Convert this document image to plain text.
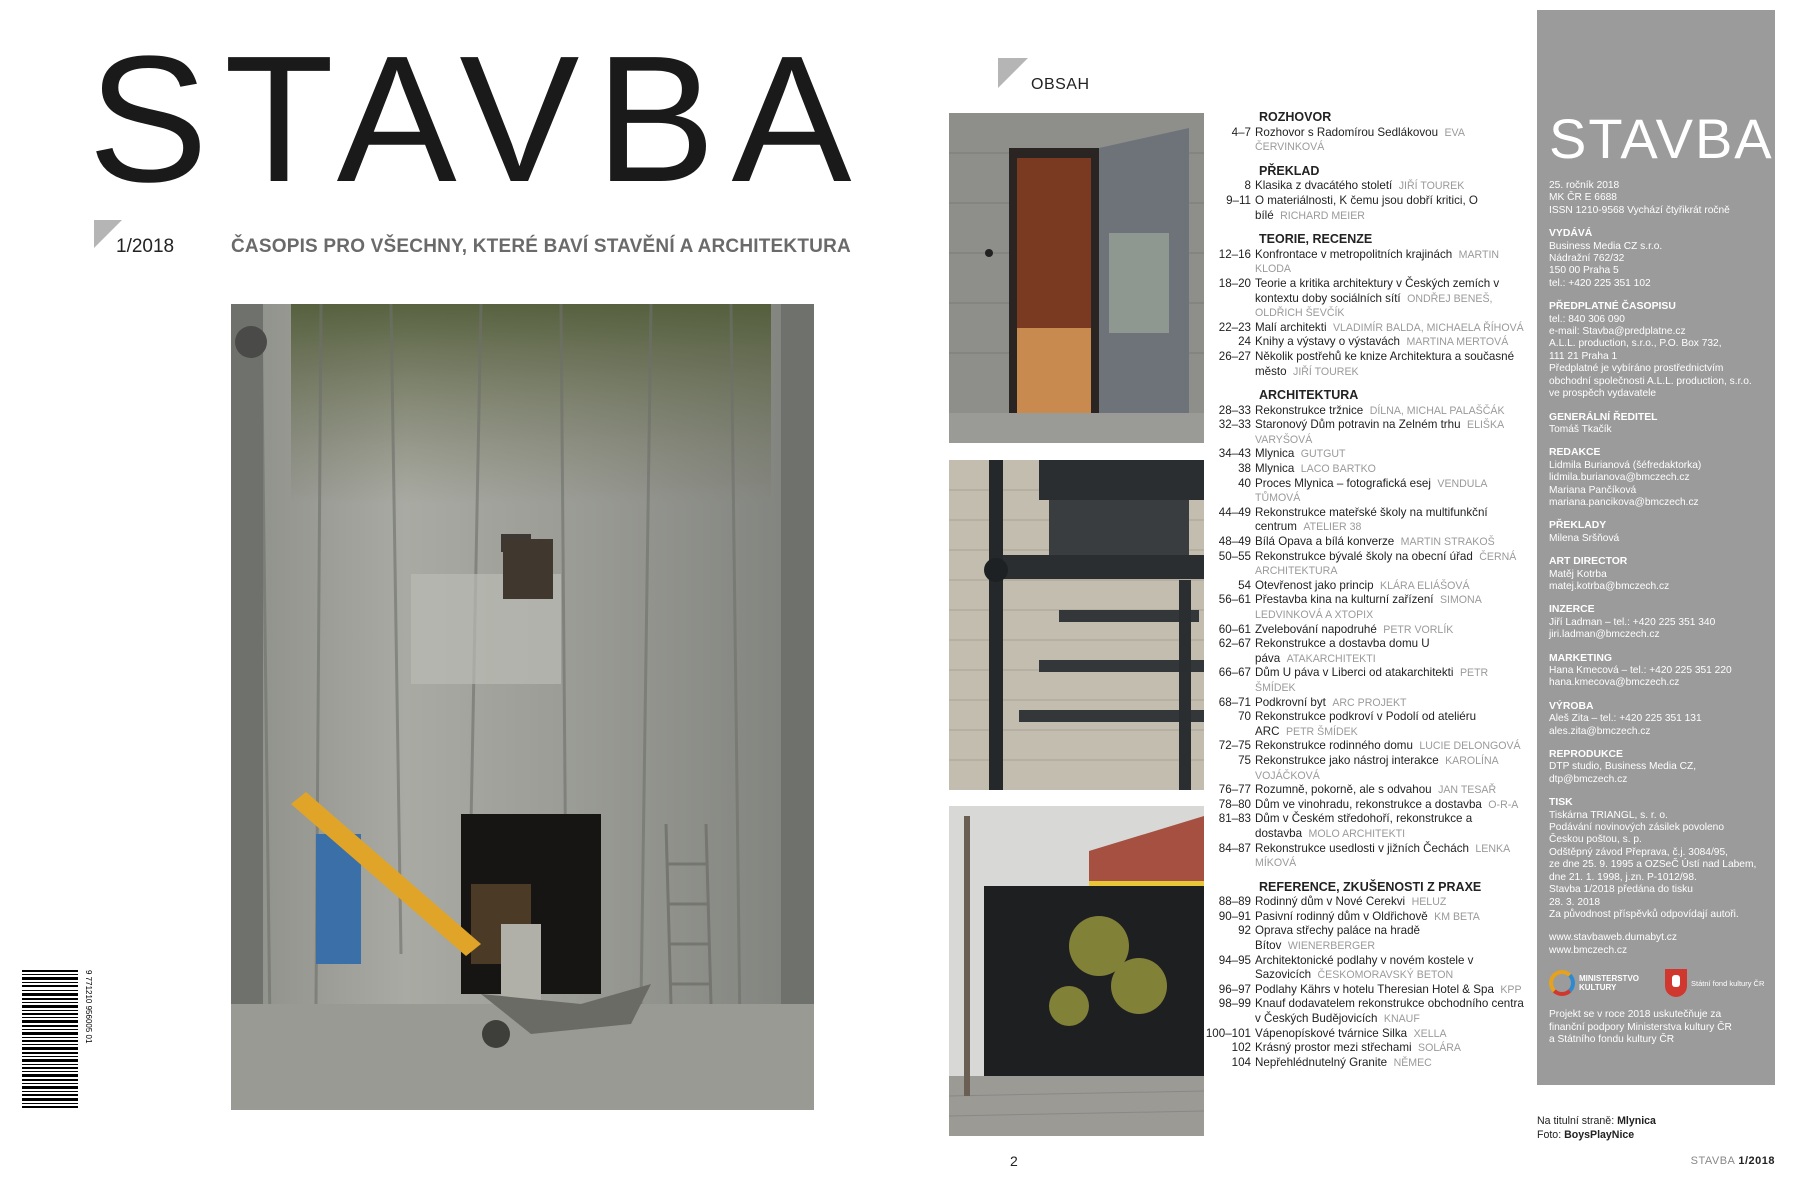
STAVBA
1/2018	ČASOPIS PRO VŠECHNY, KTERÉ BAVÍ STAVĚNÍ A ARCHITEKTURA
9 771210 956005 01
OBSAH
2
ROZHOVOR
4–7 Rozhovor s Radomírou Sedlákovou EVA ČERVINKOVÁ
PŘEKLAD
8 Klasika z dvacátého století JIŘÍ TOUREK
9–11 O materiálnosti, K čemu jsou dobří kritici, O bílé RICHARD MEIER
TEORIE, RECENZE
12–16 Konfrontace v metropolitních krajinách MARTIN KLODA
18–20 Teorie a kritika architektury v Českých zemích v kontextu doby sociálních sítí ONDŘEJ BENEŠ, OLDŘICH ŠEVČÍK
22–23 Malí architekti VLADIMÍR BALDA, MICHAELA ŘÍHOVÁ
24 Knihy a výstavy o výstavách MARTINA MERTOVÁ
26–27 Několik postřehů ke knize Architektura a současné město JIŘÍ TOUREK
ARCHITEKTURA
28–33 Rekonstrukce tržnice DÍLNA, MICHAL PALAŠČÁK
32–33 Staronový Dům potravin na Zelném trhu ELIŠKA VARYŠOVÁ
34–43 Mlynica GUTGUT
38 Mlynica LACO BARTKO
40 Proces Mlynica – fotografická esej VENDULA TŮMOVÁ
44–49 Rekonstrukce mateřské školy na multifunkční centrum ATELIER 38
48–49 Bílá Opava a bílá konverze MARTIN STRAKOŠ
50–55 Rekonstrukce bývalé školy na obecní úřad ČERNÁ ARCHITEKTURA
54 Otevřenost jako princip KLÁRA ELIÁŠOVÁ
56–61 Přestavba kina na kulturní zařízení SIMONA LEDVINKOVÁ A XTOPIX
60–61 Zvelebování napodruhé PETR VORLÍK
62–67 Rekonstrukce a dostavba domu U páva ATAKARCHITEKTI
66–67 Dům U páva v Liberci od atakarchitekti PETR ŠMÍDEK
68–71 Podkrovní byt ARC PROJEKT
70 Rekonstrukce podkroví v Podolí od ateliéru ARC PETR ŠMÍDEK
72–75 Rekonstrukce rodinného domu LUCIE DELONGOVÁ
75 Rekonstrukce jako nástroj interakce KAROLÍNA VOJÁČKOVÁ
76–77 Rozumně, pokorně, ale s odvahou JAN TESAŘ
78–80 Dům ve vinohradu, rekonstrukce a dostavba O-R-A
81–83 Dům v Českém středohoří, rekonstrukce a dostavba MOLO ARCHITEKTI
84–87 Rekonstrukce usedlosti v jižních Čechách LENKA MÍKOVÁ
REFERENCE, ZKUŠENOSTI Z PRAXE
88–89 Rodinný dům v Nové Cerekvi HELUZ
90–91 Pasivní rodinný dům v Oldřichově KM BETA
92 Oprava střechy paláce na hradě Bítov WIENERBERGER
94–95 Architektonické podlahy v novém kostele v Sazovicích ČESKOMORAVSKÝ BETON
96–97 Podlahy Kährs v hotelu Theresian Hotel & Spa KPP
98–99 Knauf dodavatelem rekonstrukce obchodního centra v Českých Budějovicích KNAUF
100–101 Vápenopískové tvárnice Silka XELLA
102 Krásný prostor mezi střechami SOLÁRA
104 Nepřehlédnutelný Granite NĚMEC
STAVBA
25. ročník 2018
MK ČR E 6688
ISSN 1210-9568 Vychází čtyřikrát ročně
VYDÁVÁ
Business Media CZ s.r.o.
Nádražní 762/32
150 00 Praha 5
tel.: +420 225 351 102
PŘEDPLATNÉ ČASOPISU
tel.: 840 306 090
e-mail: Stavba@predplatne.cz
A.L.L. production, s.r.o., P.O. Box 732,
111 21 Praha 1
Předplatné je vybíráno prostřednictvím
obchodní společnosti A.L.L. production, s.r.o.
ve prospěch vydavatele
GENERÁLNÍ ŘEDITEL
Tomáš Tkačík
REDAKCE
Lidmila Burianová (šéfredaktorka)
lidmila.burianova@bmczech.cz
Mariana Pančíková
mariana.pancikova@bmczech.cz
PŘEKLADY
Milena Sršňová
ART DIRECTOR
Matěj Kotrba
matej.kotrba@bmczech.cz
INZERCE
Jiří Ladman – tel.: +420 225 351 340
jiri.ladman@bmczech.cz
MARKETING
Hana Kmecová – tel.: +420 225 351 220
hana.kmecova@bmczech.cz
VÝROBA
Aleš Zita – tel.: +420 225 351 131
ales.zita@bmczech.cz
REPRODUKCE
DTP studio, Business Media CZ,
dtp@bmczech.cz
TISK
Tiskárna TRIANGL, s. r. o.
Podávání novinových zásilek povoleno
Českou poštou, s. p.
Odštěpný závod Přeprava, č.j. 3084/95,
ze dne 25. 9. 1995 a OZSeČ Ústí nad Labem,
dne 21. 1. 1998, j.zn. P-1012/98.
Stavba 1/2018 předána do tisku
28. 3. 2018
Za původnost příspěvků odpovídají autoři.
www.stavbaweb.dumabyt.cz
www.bmczech.cz
MINISTERSTVO KULTURY	Státní fond kultury ČR
Projekt se v roce 2018 uskutečňuje za
finanční podpory Ministerstva kultury ČR
a Státního fondu kultury ČR
Na titulní straně: Mlynica
Foto: BoysPlayNice
STAVBA 1/2018
